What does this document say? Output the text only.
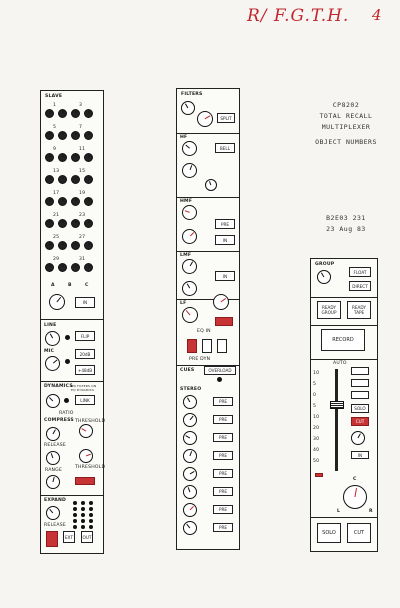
R/ F.G.T.H. 4
CP8202
TOTAL RECALL
MULTIPLEXER
OBJECT NUMBERS
B2E03 231
23 Aug 83
SLAVE
1	3
5	7
9	11
13	15
17	19
21	23
25	27
29	31
A	B	C
IN
LINE
FLIP
MIC	20dB
+48dB
DYNAMICS
ON FILTERS ON EQ DYNAMICS
LINK
RATIO
COMPRESS THRESHOLD
RELEASE
THRESHOLD
RANGE
EXPAND
RELEASE
EXT	OUT
FILTERS
SPLIT
HF
BELL
HMF
PRE
IN
LMF
IN
LF
EQ IN
PRE DYN
CUES	OVERLOAD
STEREO
PRE
PRE
PRE
PRE
PRE
PRE
PRE
PRE
GROUP
FLOAT
DIRECT
READY
GROUP
READY
TAPE
RECORD
AUTO
10
5
0
5
10
20
30
40
50
SOLO
CUT
IN
C
L	R
SOLO	CUT
